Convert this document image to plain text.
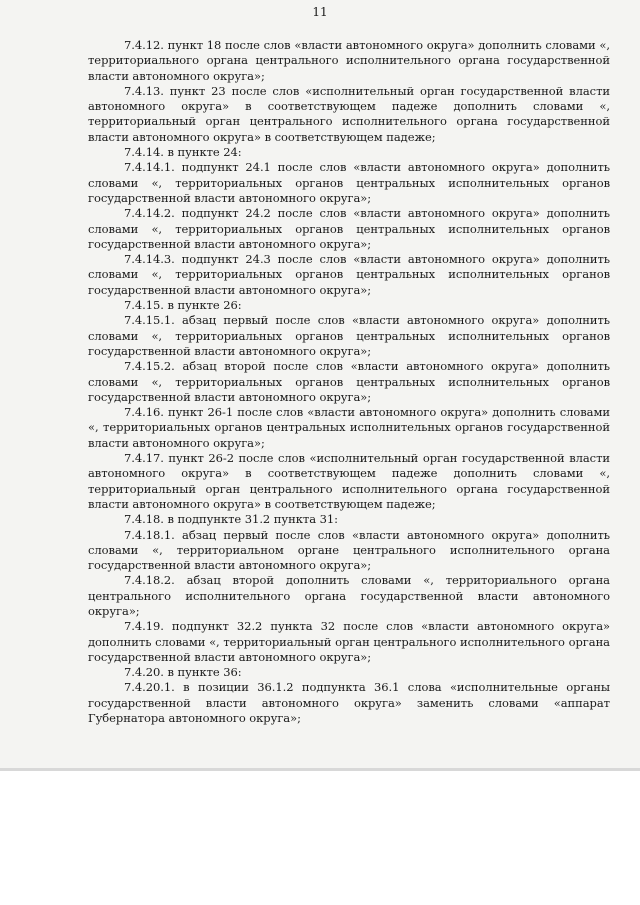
11

7.4.12. пункт 18 после слов «власти автономного округа» дополнить словами «, территориального органа центрального исполнительного органа государственной власти автономного округа»;

7.4.13. пункт 23 после слов «исполнительный орган государственной власти автономного округа» в соответствующем падеже дополнить словами «, территориальный орган центрального исполнительного органа государственной власти автономного округа» в соответствующем падеже;

7.4.14. в пункте 24:

7.4.14.1. подпункт 24.1 после слов «власти автономного округа» дополнить словами «, территориальных органов центральных исполнительных органов государственной власти автономного округа»;

7.4.14.2. подпункт 24.2 после слов «власти автономного округа» дополнить словами «, территориальных органов центральных исполнительных органов государственной власти автономного округа»;

7.4.14.3. подпункт 24.3 после слов «власти автономного округа» дополнить словами «, территориальных органов центральных исполнительных органов государственной власти автономного округа»;

7.4.15. в пункте 26:

7.4.15.1. абзац первый после слов «власти автономного округа» дополнить словами «, территориальных органов центральных исполнительных органов государственной власти автономного округа»;

7.4.15.2. абзац второй после слов «власти автономного округа» дополнить словами «, территориальных органов центральных исполнительных органов государственной власти автономного округа»;

7.4.16. пункт 26-1 после слов «власти автономного округа» дополнить словами «, территориальных органов центральных исполнительных органов государственной власти автономного округа»;

7.4.17. пункт 26-2 после слов «исполнительный орган государственной власти автономного округа» в соответствующем падеже дополнить словами «, территориальный орган центрального исполнительного органа государственной власти автономного округа» в соответствующем падеже;

7.4.18. в подпункте 31.2 пункта 31:

7.4.18.1. абзац первый после слов «власти автономного округа» дополнить словами «, территориальном органе центрального исполнительного органа государственной власти автономного округа»;

7.4.18.2. абзац второй дополнить словами «, территориального органа центрального исполнительного органа государственной власти автономного округа»;

7.4.19. подпункт 32.2 пункта 32 после слов «власти автономного округа» дополнить словами «, территориальный орган центрального исполнительного органа государственной власти автономного округа»;

7.4.20. в пункте 36:

7.4.20.1. в позиции 36.1.2 подпункта 36.1 слова «исполнительные органы государственной власти автономного округа» заменить словами «аппарат Губернатора автономного округа»;
